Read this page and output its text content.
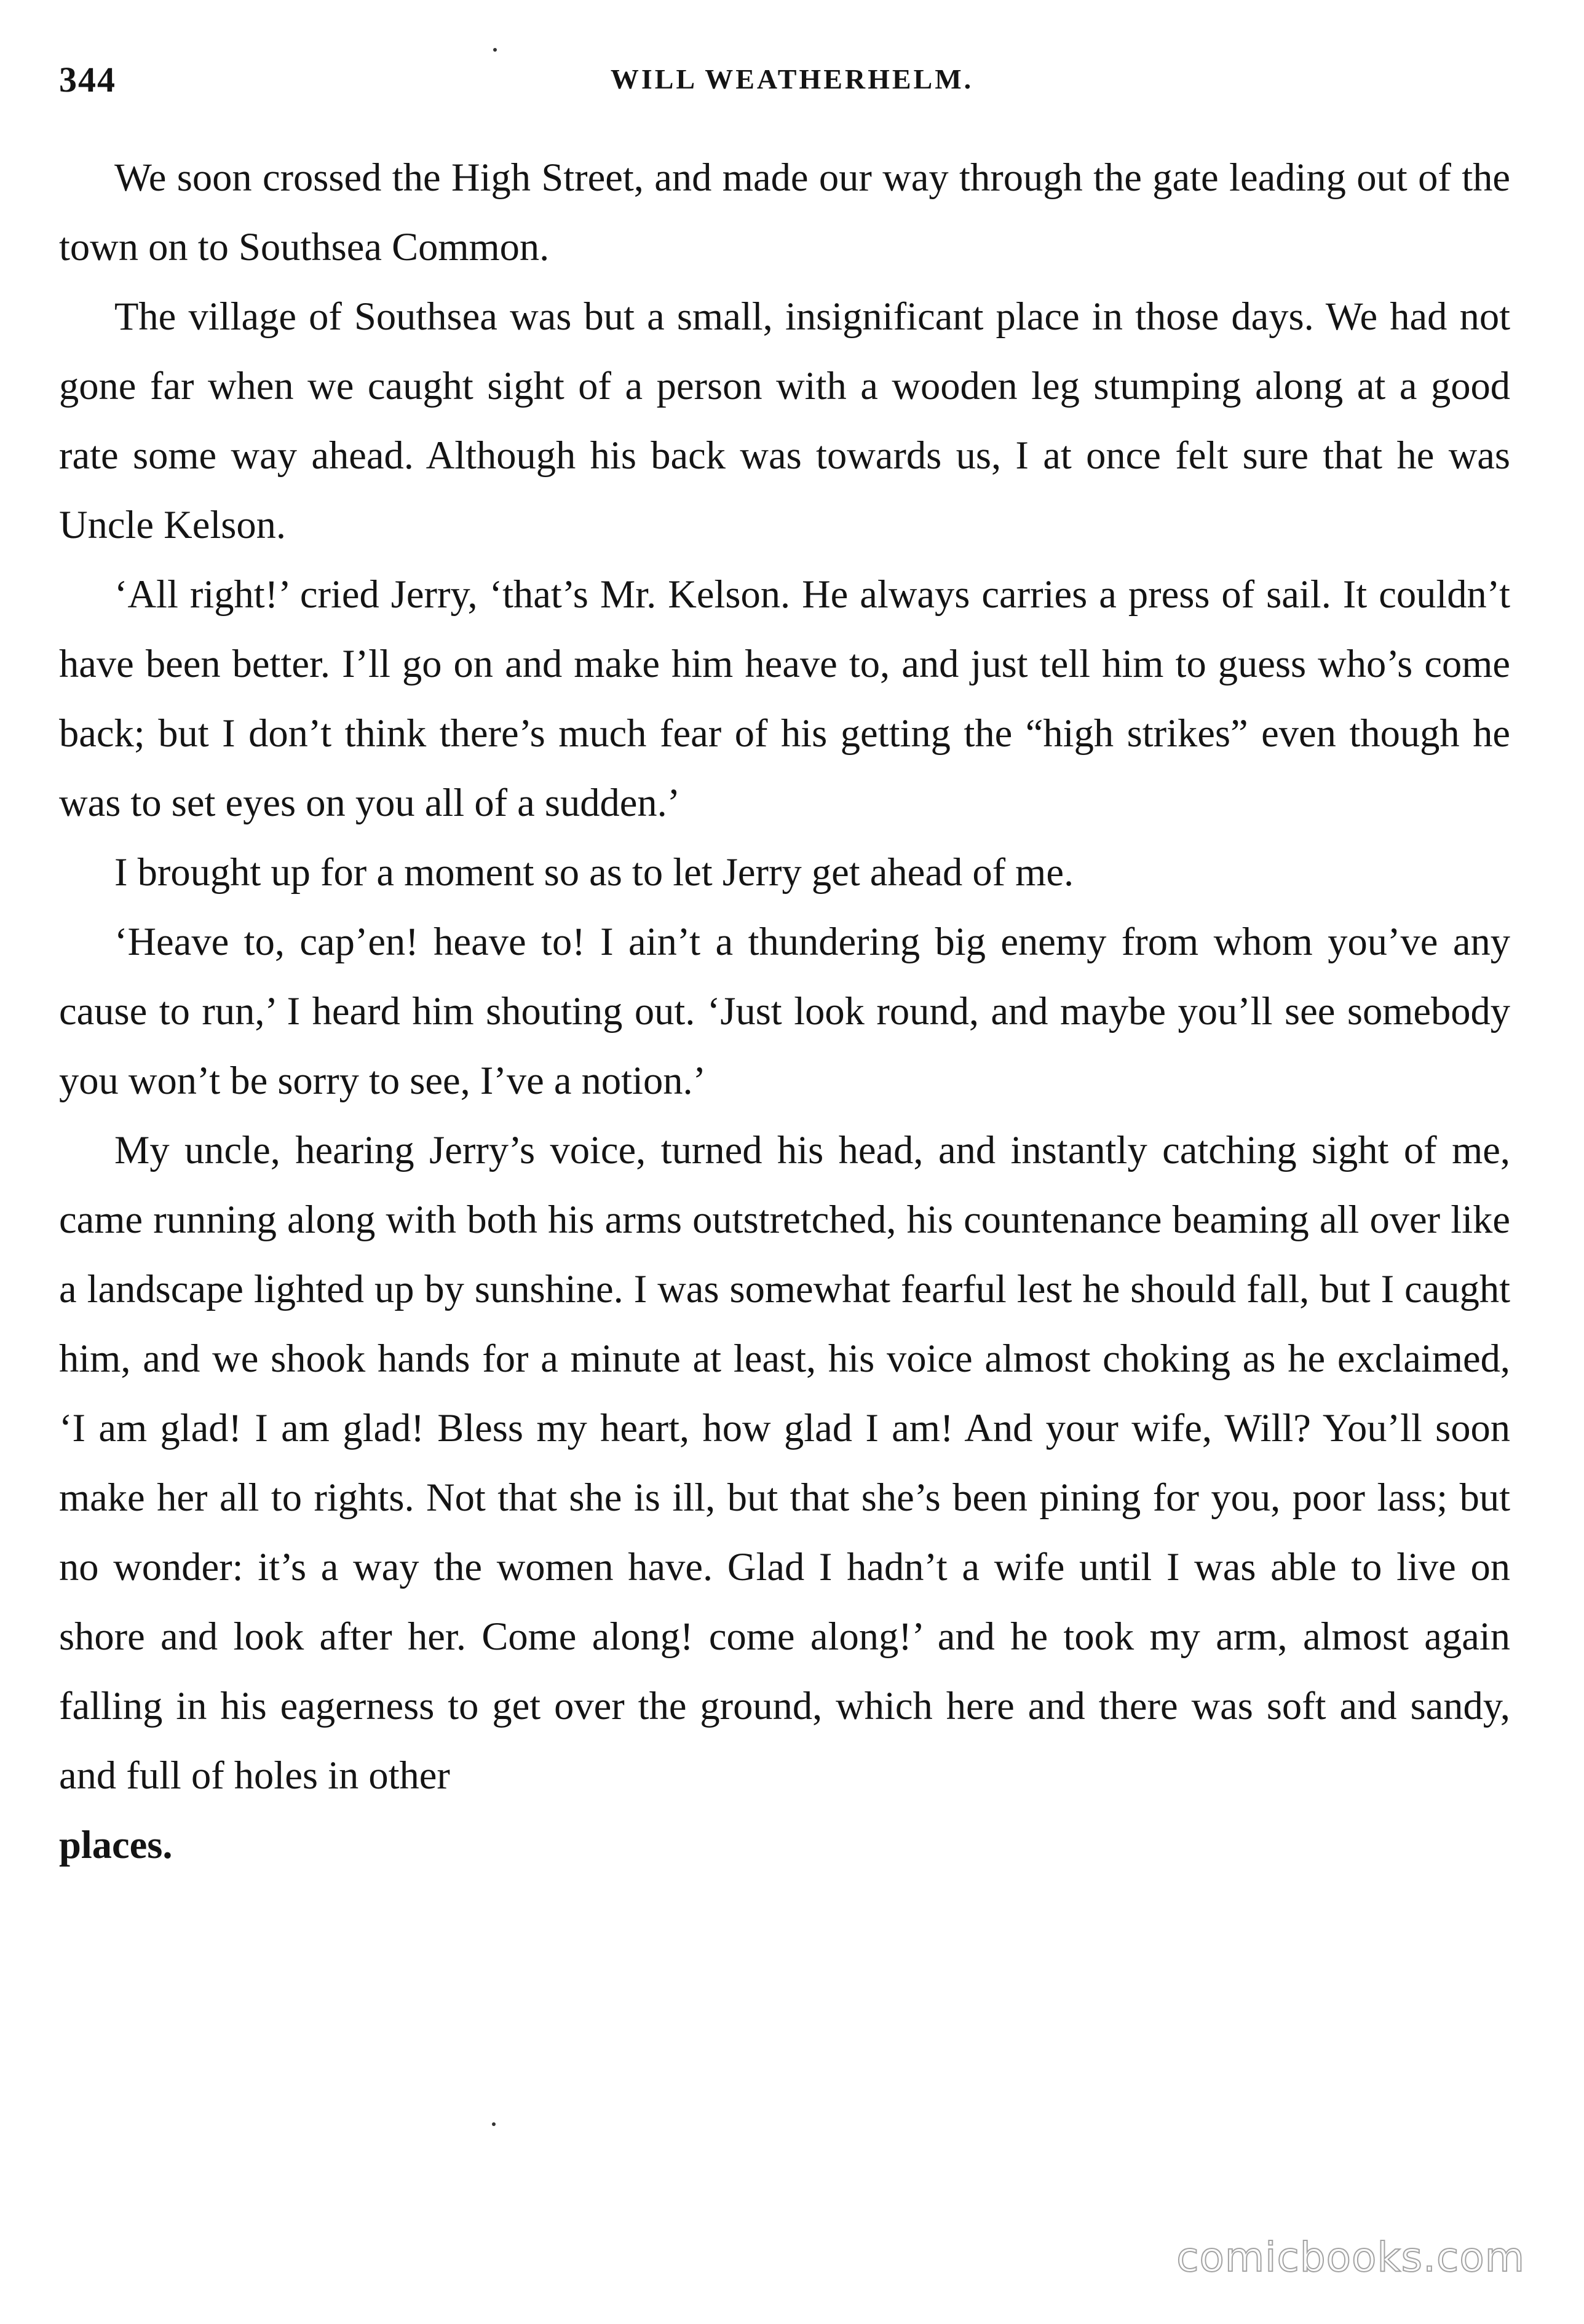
344	WILL WEATHERHELM.

We soon crossed the High Street, and made our way through the gate leading out of the town on to Southsea Common.

The village of Southsea was but a small, insignificant place in those days. We had not gone far when we caught sight of a person with a wooden leg stumping along at a good rate some way ahead. Although his back was towards us, I at once felt sure that he was Uncle Kelson.

‘All right!’ cried Jerry, ‘that’s Mr. Kelson. He always carries a press of sail. It couldn’t have been better. I’ll go on and make him heave to, and just tell him to guess who’s come back; but I don’t think there’s much fear of his getting the “high strikes” even though he was to set eyes on you all of a sudden.’

I brought up for a moment so as to let Jerry get ahead of me.

‘Heave to, cap’en! heave to! I ain’t a thundering big enemy from whom you’ve any cause to run,’ I heard him shouting out. ‘Just look round, and maybe you’ll see somebody you won’t be sorry to see, I’ve a notion.’

My uncle, hearing Jerry’s voice, turned his head, and instantly catching sight of me, came running along with both his arms outstretched, his countenance beaming all over like a landscape lighted up by sunshine. I was somewhat fearful lest he should fall, but I caught him, and we shook hands for a minute at least, his voice almost choking as he exclaimed, ‘I am glad! I am glad! Bless my heart, how glad I am! And your wife, Will? You’ll soon make her all to rights. Not that she is ill, but that she’s been pining for you, poor lass; but no wonder: it’s a way the women have. Glad I hadn’t a wife until I was able to live on shore and look after her. Come along! come along!’ and he took my arm, almost again falling in his eagerness to get over the ground, which here and there was soft and sandy, and full of holes in other

places.
comicbooks.com
